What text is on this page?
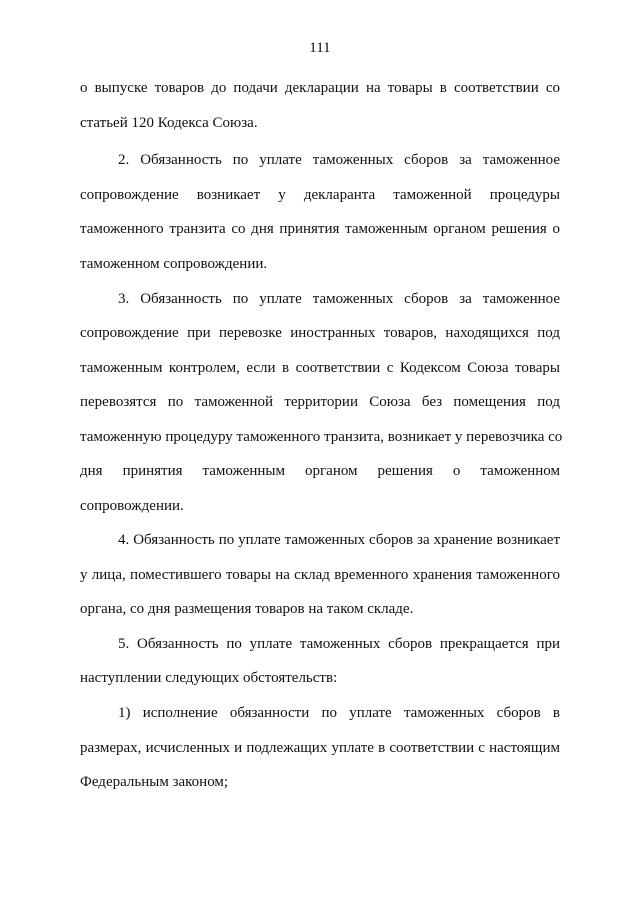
111
о выпуске товаров до подачи декларации на товары в соответствии со
статьей 120 Кодекса Союза.
2. Обязанность по уплате таможенных сборов за таможенное
сопровождение возникает у декларанта таможенной процедуры
таможенного транзита со дня принятия таможенным органом решения о
таможенном сопровождении.
3. Обязанность по уплате таможенных сборов за таможенное
сопровождение при перевозке иностранных товаров, находящихся под
таможенным контролем, если в соответствии с Кодексом Союза товары
перевозятся по таможенной территории Союза без помещения под
таможенную процедуру таможенного транзита, возникает у перевозчика со
дня принятия таможенным органом решения о таможенном
сопровождении.
4. Обязанность по уплате таможенных сборов за хранение возникает
у лица, поместившего товары на склад временного хранения таможенного
органа, со дня размещения товаров на таком складе.
5. Обязанность по уплате таможенных сборов прекращается при
наступлении следующих обстоятельств:
1) исполнение обязанности по уплате таможенных сборов в
размерах, исчисленных и подлежащих уплате в соответствии с настоящим
Федеральным законом;
